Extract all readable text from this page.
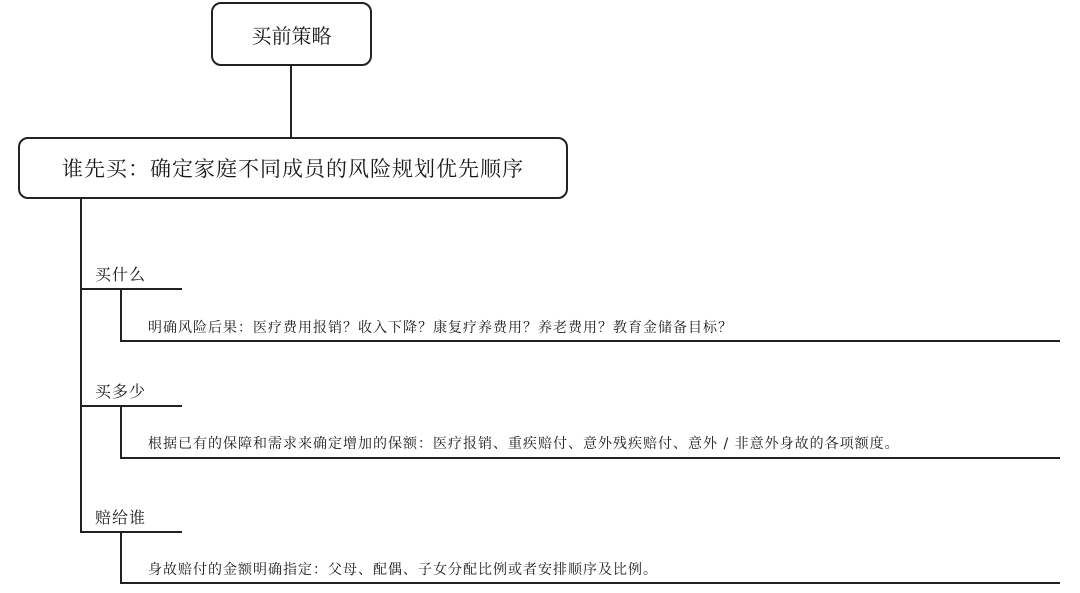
买前策略
谁先买：确定家庭不同成员的风险规划优先顺序
买什么
明确风险后果：医疗费用报销？收入下降？康复疗养费用？养老费用？教育金储备目标？
买多少
根据已有的保障和需求来确定增加的保额：医疗报销、重疾赔付、意外残疾赔付、意外 / 非意外身故的各项额度。
赔给谁
身故赔付的金额明确指定：父母、配偶、子女分配比例或者安排顺序及比例。
